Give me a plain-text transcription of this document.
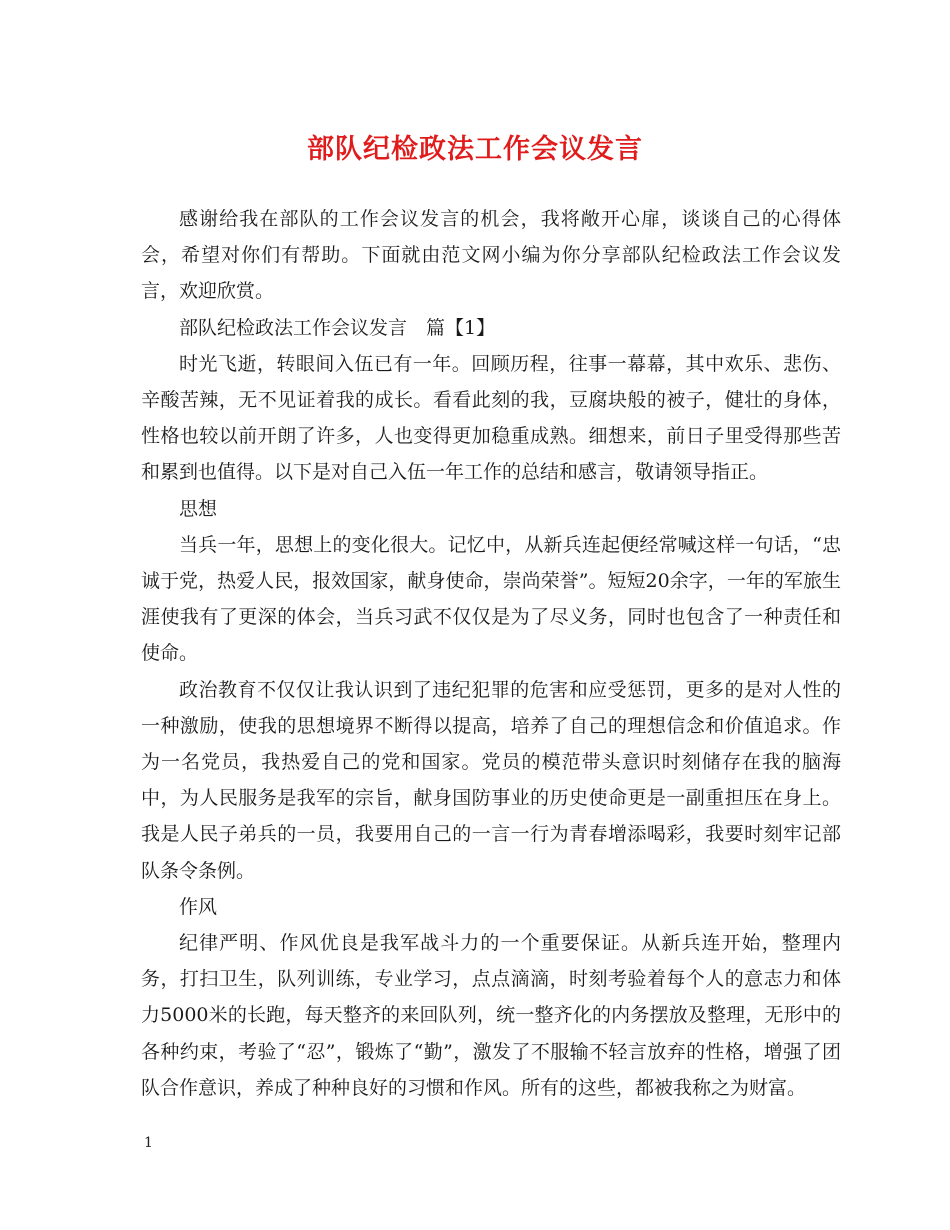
部队纪检政法工作会议发言

感谢给我在部队的工作会议发言的机会，我将敞开心扉，谈谈自己的心得体会，希望对你们有帮助。下面就由范文网小编为你分享部队纪检政法工作会议发言，欢迎欣赏。

部队纪检政法工作会议发言　篇【1】

时光飞逝，转眼间入伍已有一年。回顾历程，往事一幕幕，其中欢乐、悲伤、辛酸苦辣，无不见证着我的成长。看看此刻的我，豆腐块般的被子，健壮的身体，性格也较以前开朗了许多，人也变得更加稳重成熟。细想来，前日子里受得那些苦和累到也值得。以下是对自己入伍一年工作的总结和感言，敬请领导指正。

思想

当兵一年，思想上的变化很大。记忆中，从新兵连起便经常喊这样一句话，“忠诚于党，热爱人民，报效国家，献身使命，崇尚荣誉”。短短20余字，一年的军旅生涯使我有了更深的体会，当兵习武不仅仅是为了尽义务，同时也包含了一种责任和使命。

政治教育不仅仅让我认识到了违纪犯罪的危害和应受惩罚，更多的是对人性的一种激励，使我的思想境界不断得以提高，培养了自己的理想信念和价值追求。作为一名党员，我热爱自己的党和国家。党员的模范带头意识时刻储存在我的脑海中，为人民服务是我军的宗旨，献身国防事业的历史使命更是一副重担压在身上。我是人民子弟兵的一员，我要用自己的一言一行为青春增添喝彩，我要时刻牢记部队条令条例。

作风

纪律严明、作风优良是我军战斗力的一个重要保证。从新兵连开始，整理内务，打扫卫生，队列训练，专业学习，点点滴滴，时刻考验着每个人的意志力和体力5000米的长跑，每天整齐的来回队列，统一整齐化的内务摆放及整理，无形中的各种约束，考验了“忍”，锻炼了“勤”，激发了不服输不轻言放弃的性格，增强了团队合作意识，养成了种种良好的习惯和作风。所有的这些，都被我称之为财富。

1
